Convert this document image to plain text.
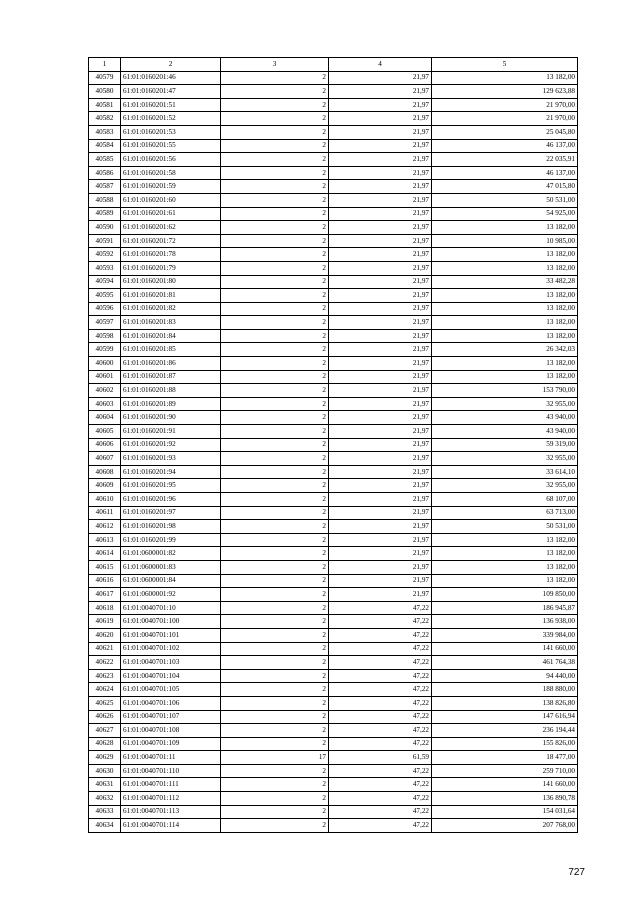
1	2	3	4	5
40579	61:01:0160201:46	2	21,97	13 182,00
40580	61:01:0160201:47	2	21,97	129 623,88
40581	61:01:0160201:51	2	21,97	21 970,00
40582	61:01:0160201:52	2	21,97	21 970,00
40583	61:01:0160201:53	2	21,97	25 045,80
40584	61:01:0160201:55	2	21,97	46 137,00
40585	61:01:0160201:56	2	21,97	22 035,91
40586	61:01:0160201:58	2	21,97	46 137,00
40587	61:01:0160201:59	2	21,97	47 015,80
40588	61:01:0160201:60	2	21,97	50 531,00
40589	61:01:0160201:61	2	21,97	54 925,00
40590	61:01:0160201:62	2	21,97	13 182,00
40591	61:01:0160201:72	2	21,97	10 985,00
40592	61:01:0160201:78	2	21,97	13 182,00
40593	61:01:0160201:79	2	21,97	13 182,00
40594	61:01:0160201:80	2	21,97	33 482,28
40595	61:01:0160201:81	2	21,97	13 182,00
40596	61:01:0160201:82	2	21,97	13 182,00
40597	61:01:0160201:83	2	21,97	13 182,00
40598	61:01:0160201:84	2	21,97	13 182,00
40599	61:01:0160201:85	2	21,97	26 342,03
40600	61:01:0160201:86	2	21,97	13 182,00
40601	61:01:0160201:87	2	21,97	13 182,00
40602	61:01:0160201:88	2	21,97	153 790,00
40603	61:01:0160201:89	2	21,97	32 955,00
40604	61:01:0160201:90	2	21,97	43 940,00
40605	61:01:0160201:91	2	21,97	43 940,00
40606	61:01:0160201:92	2	21,97	59 319,00
40607	61:01:0160201:93	2	21,97	32 955,00
40608	61:01:0160201:94	2	21,97	33 614,10
40609	61:01:0160201:95	2	21,97	32 955,00
40610	61:01:0160201:96	2	21,97	68 107,00
40611	61:01:0160201:97	2	21,97	63 713,00
40612	61:01:0160201:98	2	21,97	50 531,00
40613	61:01:0160201:99	2	21,97	13 182,00
40614	61:01:0600001:82	2	21,97	13 182,00
40615	61:01:0600001:83	2	21,97	13 182,00
40616	61:01:0600001:84	2	21,97	13 182,00
40617	61:01:0600001:92	2	21,97	109 850,00
40618	61:01:0040701:10	2	47,22	186 945,87
40619	61:01:0040701:100	2	47,22	136 938,00
40620	61:01:0040701:101	2	47,22	339 984,00
40621	61:01:0040701:102	2	47,22	141 660,00
40622	61:01:0040701:103	2	47,22	461 764,38
40623	61:01:0040701:104	2	47,22	94 440,00
40624	61:01:0040701:105	2	47,22	188 880,00
40625	61:01:0040701:106	2	47,22	138 826,80
40626	61:01:0040701:107	2	47,22	147 616,94
40627	61:01:0040701:108	2	47,22	236 194,44
40628	61:01:0040701:109	2	47,22	155 826,00
40629	61:01:0040701:11	17	61,59	18 477,00
40630	61:01:0040701:110	2	47,22	259 710,00
40631	61:01:0040701:111	2	47,22	141 660,00
40632	61:01:0040701:112	2	47,22	136 890,78
40633	61:01:0040701:113	2	47,22	154 031,64
40634	61:01:0040701:114	2	47,22	207 768,00
727
